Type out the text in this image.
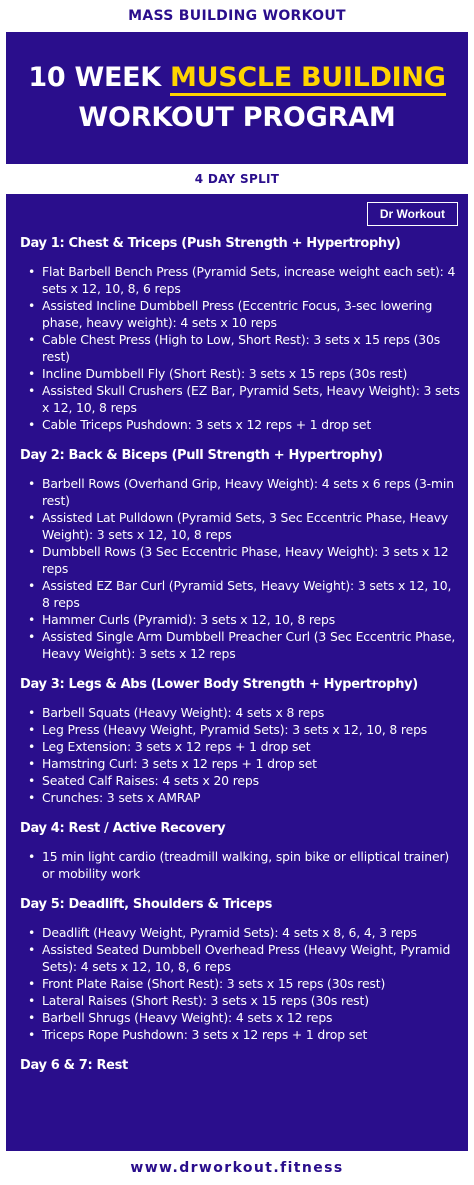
MASS BUILDING WORKOUT
10 WEEK MUSCLE BUILDING
WORKOUT PROGRAM
4 DAY SPLIT
Dr Workout
Day 1: Chest & Triceps (Push Strength + Hypertrophy)
• Flat Barbell Bench Press (Pyramid Sets, increase weight each set): 4 sets x 12, 10, 8, 6 reps
• Assisted Incline Dumbbell Press (Eccentric Focus, 3-sec lowering phase, heavy weight): 4 sets x 10 reps
• Cable Chest Press (High to Low, Short Rest): 3 sets x 15 reps (30s rest)
• Incline Dumbbell Fly (Short Rest): 3 sets x 15 reps (30s rest)
• Assisted Skull Crushers (EZ Bar, Pyramid Sets, Heavy Weight): 3 sets x 12, 10, 8 reps
• Cable Triceps Pushdown: 3 sets x 12 reps + 1 drop set
Day 2: Back & Biceps (Pull Strength + Hypertrophy)
• Barbell Rows (Overhand Grip, Heavy Weight): 4 sets x 6 reps (3-min rest)
• Assisted Lat Pulldown (Pyramid Sets, 3 Sec Eccentric Phase, Heavy Weight): 3 sets x 12, 10, 8 reps
• Dumbbell Rows (3 Sec Eccentric Phase, Heavy Weight): 3 sets x 12 reps
• Assisted EZ Bar Curl (Pyramid Sets, Heavy Weight): 3 sets x 12, 10, 8 reps
• Hammer Curls (Pyramid): 3 sets x 12, 10, 8 reps
• Assisted Single Arm Dumbbell Preacher Curl (3 Sec Eccentric Phase, Heavy Weight): 3 sets x 12 reps
Day 3: Legs & Abs (Lower Body Strength + Hypertrophy)
• Barbell Squats (Heavy Weight): 4 sets x 8 reps
• Leg Press (Heavy Weight, Pyramid Sets): 3 sets x 12, 10, 8 reps
• Leg Extension: 3 sets x 12 reps + 1 drop set
• Hamstring Curl: 3 sets x 12 reps + 1 drop set
• Seated Calf Raises: 4 sets x 20 reps
• Crunches: 3 sets x AMRAP
Day 4: Rest / Active Recovery
• 15 min light cardio (treadmill walking, spin bike or elliptical trainer) or mobility work
Day 5: Deadlift, Shoulders & Triceps
• Deadlift (Heavy Weight, Pyramid Sets): 4 sets x 8, 6, 4, 3 reps
• Assisted Seated Dumbbell Overhead Press (Heavy Weight, Pyramid Sets): 4 sets x 12, 10, 8, 6 reps
• Front Plate Raise (Short Rest): 3 sets x 15 reps (30s rest)
• Lateral Raises (Short Rest): 3 sets x 15 reps (30s rest)
• Barbell Shrugs (Heavy Weight): 4 sets x 12 reps
• Triceps Rope Pushdown: 3 sets x 12 reps + 1 drop set
Day 6 & 7: Rest
www.drworkout.fitness
